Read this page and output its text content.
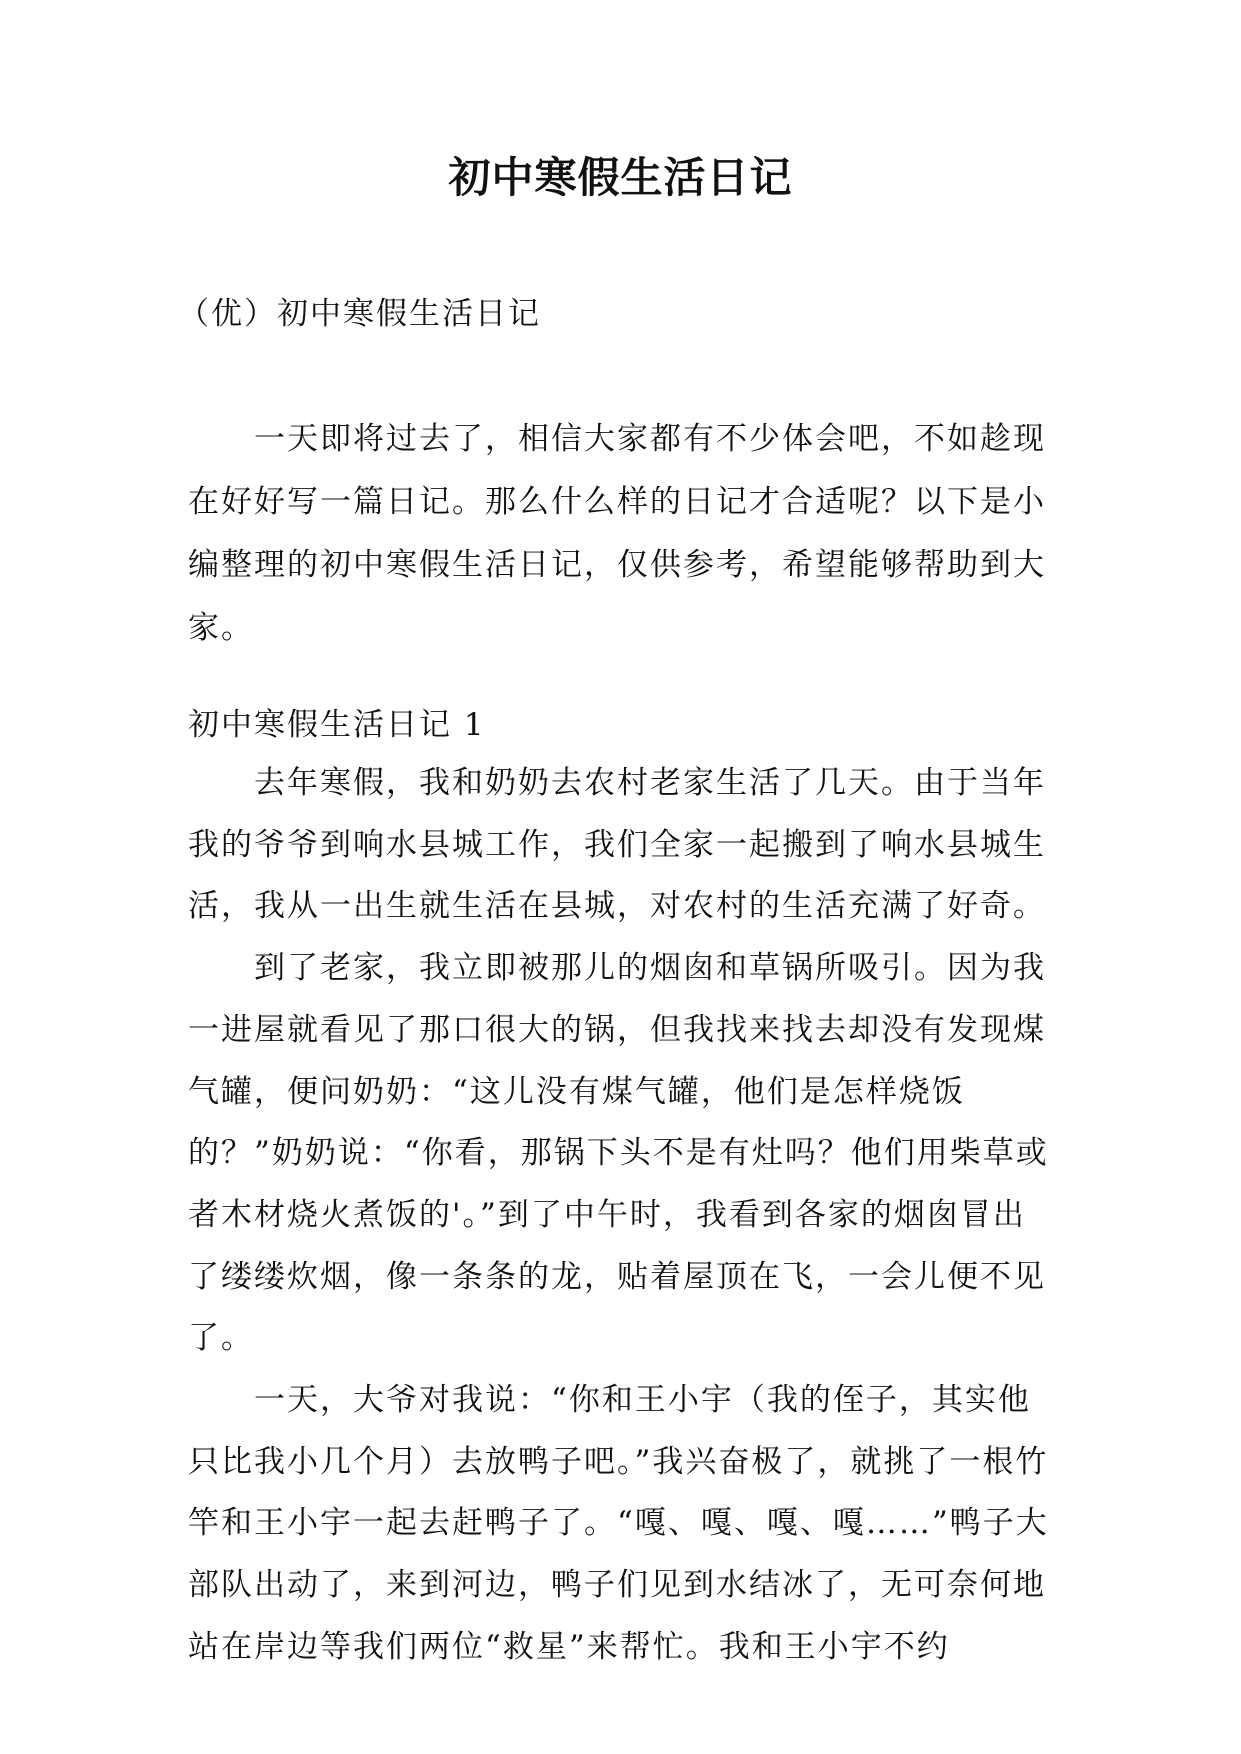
初中寒假生活日记
（优）初中寒假生活日记

一天即将过去了，相信大家都有不少体会吧，不如趁现在好好写一篇日记。那么什么样的日记才合适呢？以下是小编整理的初中寒假生活日记，仅供参考，希望能够帮助到大家。

初中寒假生活日记 1

去年寒假，我和奶奶去农村老家生活了几天。由于当年我的爷爷到响水县城工作，我们全家一起搬到了响水县城生活，我从一出生就生活在县城，对农村的生活充满了好奇。

到了老家，我立即被那儿的烟囱和草锅所吸引。因为我一进屋就看见了那口很大的锅，但我找来找去却没有发现煤气罐，便问奶奶：“这儿没有煤气罐，他们是怎样烧饭的？”奶奶说：“你看，那锅下头不是有灶吗？他们用柴草或者木材烧火煮饭的'。”到了中午时，我看到各家的烟囱冒出了缕缕炊烟，像一条条的龙，贴着屋顶在飞，一会儿便不见了。

一天，大爷对我说：“你和王小宇（我的侄子，其实他只比我小几个月）去放鸭子吧。”我兴奋极了，就挑了一根竹竿和王小宇一起去赶鸭子了。“嘎、嘎、嘎、嘎……”鸭子大部队出动了，来到河边，鸭子们见到水结冰了，无可奈何地站在岸边等我们两位“救星”来帮忙。我和王小宇不约
